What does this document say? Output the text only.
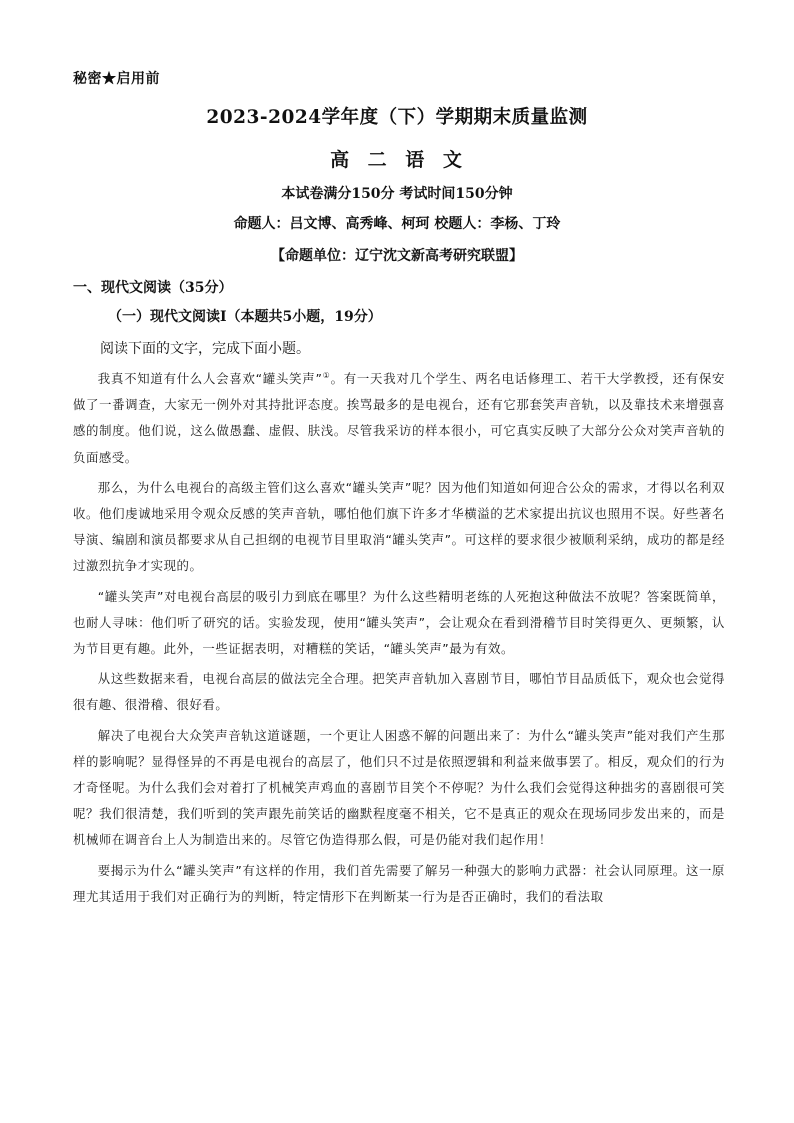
秘密★启用前
2023-2024学年度（下）学期期末质量监测
高 二 语 文
本试卷满分150分 考试时间150分钟
命题人：吕文博、高秀峰、柯珂 校题人：李杨、丁玲
【命题单位：辽宁沈文新高考研究联盟】
一、现代文阅读（35分）
（一）现代文阅读Ⅰ（本题共5小题，19分）
阅读下面的文字，完成下面小题。

我真不知道有什么人会喜欢“罐头笑声”①。有一天我对几个学生、两名电话修理工、若干大学教授，还有保安做了一番调查，大家无一例外对其持批评态度。挨骂最多的是电视台，还有它那套笑声音轨，以及靠技术来增强喜感的制度。他们说，这么做愚蠢、虚假、肤浅。尽管我采访的样本很小，可它真实反映了大部分公众对笑声音轨的负面感受。

那么，为什么电视台的高级主管们这么喜欢“罐头笑声”呢？因为他们知道如何迎合公众的需求，才得以名利双收。他们虔诚地采用令观众反感的笑声音轨，哪怕他们旗下许多才华横溢的艺术家提出抗议也照用不误。好些著名导演、编剧和演员都要求从自己担纲的电视节目里取消“罐头笑声”。可这样的要求很少被顺利采纳，成功的都是经过激烈抗争才实现的。

“罐头笑声”对电视台高层的吸引力到底在哪里？为什么这些精明老练的人死抱这种做法不放呢？答案既简单，也耐人寻味：他们听了研究的话。实验发现，使用“罐头笑声”，会让观众在看到滑稽节目时笑得更久、更频繁，认为节目更有趣。此外，一些证据表明，对糟糕的笑话，“罐头笑声”最为有效。

从这些数据来看，电视台高层的做法完全合理。把笑声音轨加入喜剧节目，哪怕节目品质低下，观众也会觉得很有趣、很滑稽、很好看。

解决了电视台大众笑声音轨这道谜题，一个更让人困惑不解的问题出来了：为什么“罐头笑声”能对我们产生那样的影响呢？显得怪异的不再是电视台的高层了，他们只不过是依照逻辑和利益来做事罢了。相反，观众们的行为才奇怪呢。为什么我们会对着打了机械笑声鸡血的喜剧节目笑个不停呢？为什么我们会觉得这种拙劣的喜剧很可笑呢？我们很清楚，我们听到的笑声跟先前笑话的幽默程度毫不相关，它不是真正的观众在现场同步发出来的，而是机械师在调音台上人为制造出来的。尽管它伪造得那么假，可是仍能对我们起作用！

要揭示为什么“罐头笑声”有这样的作用，我们首先需要了解另一种强大的影响力武器：社会认同原理。这一原理尤其适用于我们对正确行为的判断，特定情形下在判断某一行为是否正确时，我们的看法取
